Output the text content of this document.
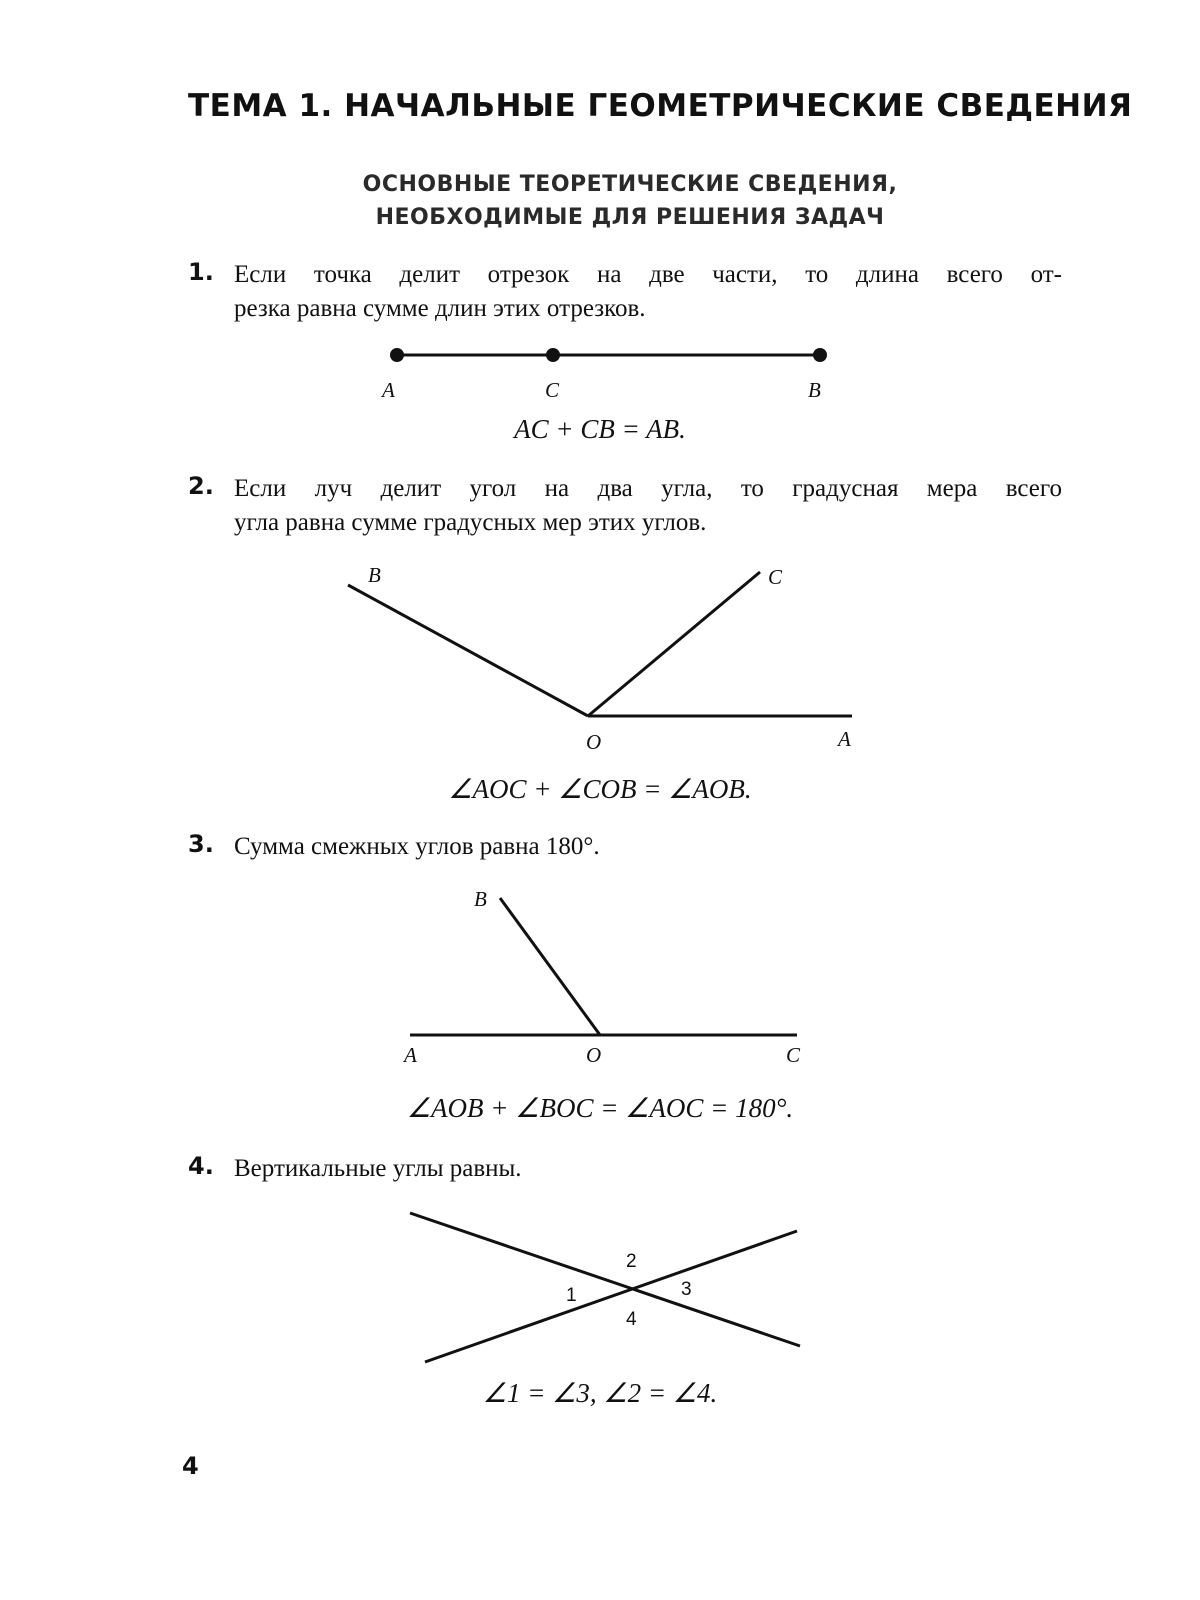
ТЕМА 1. НАЧАЛЬНЫЕ ГЕОМЕТРИЧЕСКИЕ СВЕДЕНИЯ
ОСНОВНЫЕ ТЕОРЕТИЧЕСКИЕ СВЕДЕНИЯ,
НЕОБХОДИМЫЕ ДЛЯ РЕШЕНИЯ ЗАДАЧ
1. Если точка делит отрезок на две части, то длина всего от-
резка равна сумме длин этих отрезков.
A	C	B
AC + CB = AB.
2. Если луч делит угол на два угла, то градусная мера всего
угла равна сумме градусных мер этих углов.
B	C
O	A
∠AOC + ∠COB = ∠AOB.
3. Сумма смежных углов равна 180°.
B
A	O	C
∠AOB + ∠BOC = ∠AOC = 180°.
4. Вертикальные углы равны.
1
2
3
4
∠1 = ∠3, ∠2 = ∠4.
4
